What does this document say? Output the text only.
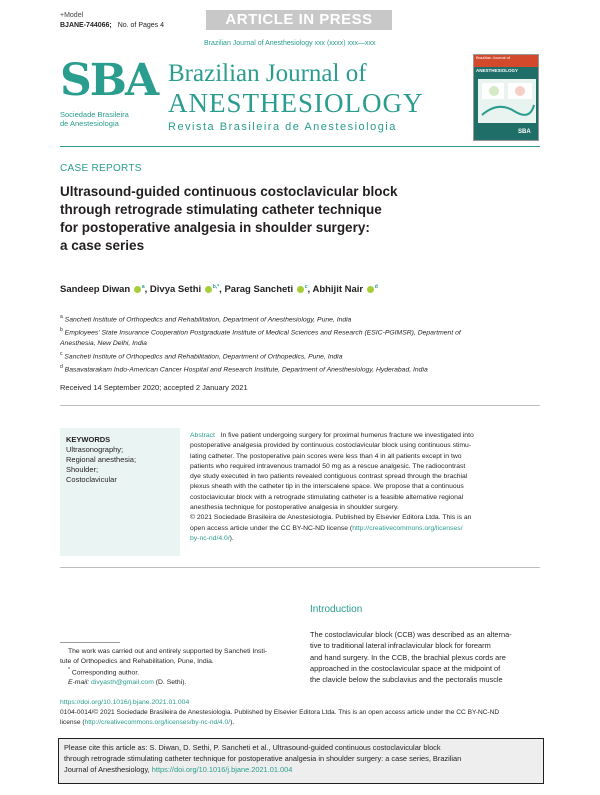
+Model
BJANE-744066; No. of Pages 4	ARTICLE IN PRESS
Brazilian Journal of Anesthesiology xxx (xxxx) xxx—xxx
SBA
Sociedade Brasileira
de Anestesiologia
Brazilian Journal of
ANESTHESIOLOGY
Revista Brasileira de Anestesiologia
Brazilian Journal of
ANESTHESIOLOGY
SBA
CASE REPORTS
Ultrasound-guided continuous costoclavicular block
through retrograde stimulating catheter technique
for postoperative analgesia in shoulder surgery:
a case series
Sandeep Diwan $^a$, Divya Sethi $^{b,*}$, Parag Sancheti $^c$, Abhijit Nair $^d$
$^a$ Sancheti Institute of Orthopedics and Rehabilitation, Department of Anesthesiology, Pune, India
$^b$ Employees' State Insurance Cooperation Postgraduate Institute of Medical Sciences and Research (ESIC-PGIMSR), Department of
Anesthesia, New Delhi, India
$^c$ Sancheti Institute of Orthopedics and Rehabilitation, Department of Orthopedics, Pune, India
$^d$ Basavatarakam Indo-American Cancer Hospital and Research Institute, Department of Anesthesiology, Hyderabad, India
Received 14 September 2020; accepted 2 January 2021
KEYWORDS
Ultrasonography;
Regional anesthesia;
Shoulder;
Costoclavicular
Abstract In five patient undergoing surgery for proximal humerus fracture we investigated into
postoperative analgesia provided by continuous costoclavicular block using continuous stimu-
lating catheter. The postoperative pain scores were less than 4 in all patients except in two
patients who required intravenous tramadol 50 mg as a rescue analgesic. The radiocontrast
dye study executed in two patients revealed contiguous contrast spread through the brachial
plexus sheath with the catheter tip in the interscalene space. We propose that a continuous
costoclavicular block with a retrograde stimulating catheter is a feasible alternative regional
anesthesia technique for postoperative analgesia in shoulder surgery.
© 2021 Sociedade Brasileira de Anestesiologia. Published by Elsevier Editora Ltda. This is an
open access article under the CC BY-NC-ND license (http://creativecommons.org/licenses/
by-nc-nd/4.0/).
Introduction
The costoclavicular block (CCB) was described as an alterna-
tive to traditional lateral infraclavicular block for forearm
and hand surgery. In the CCB, the brachial plexus cords are
approached in the costoclavicular space at the midpoint of
the clavicle below the subclavius and the pectoralis muscle
The work was carried out and entirely supported by Sancheti Insti-
tute of Orthopedics and Rehabilitation, Pune, India.
* Corresponding author.
E-mail: divyasth@gmail.com (D. Sethi).
https://doi.org/10.1016/j.bjane.2021.01.004
0104-0014/© 2021 Sociedade Brasileira de Anestesiologia. Published by Elsevier Editora Ltda. This is an open access article under the CC BY-NC-ND
license (http://creativecommons.org/licenses/by-nc-nd/4.0/).
Please cite this article as: S. Diwan, D. Sethi, P. Sancheti et al., Ultrasound-guided continuous costoclavicular block
through retrograde stimulating catheter technique for postoperative analgesia in shoulder surgery: a case series, Brazilian
Journal of Anesthesiology, https://doi.org/10.1016/j.bjane.2021.01.004
